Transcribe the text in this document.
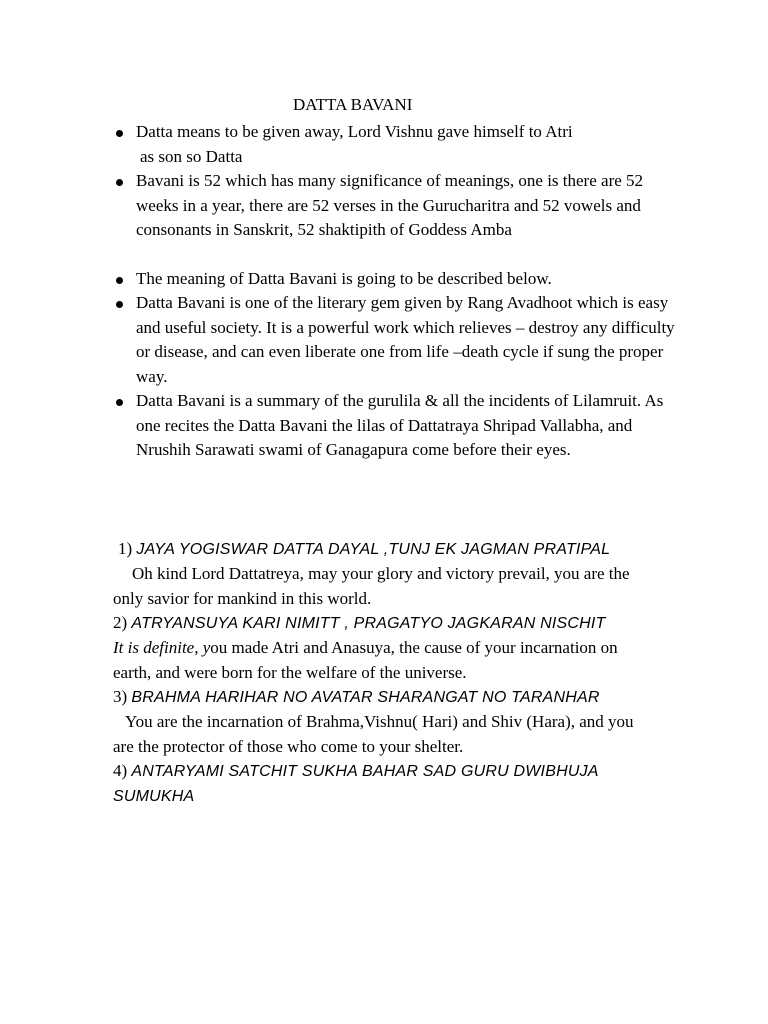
DATTA BAVANI
Datta means to be given away, Lord Vishnu gave himself to Atri
as son so Datta
Bavani is 52 which has many significance of meanings, one is there are 52 weeks in a year, there are 52 verses in the Gurucharitra and 52 vowels and consonants in Sanskrit, 52 shaktipith of Goddess Amba
The meaning of Datta Bavani is going to be described below.
Datta Bavani is one of the literary gem given by Rang Avadhoot which is easy and useful society. It is a powerful work which relieves – destroy any difficulty or disease, and can even liberate one from life –death cycle if sung the proper way.
Datta Bavani is a summary of the gurulila & all the incidents of Lilamruit. As one recites the Datta Bavani the lilas of Dattatraya Shripad Vallabha, and Nrushih Sarawati swami of Ganagapura come before their eyes.
1) JAYA YOGISWAR DATTA DAYAL ,TUNJ EK JAGMAN PRATIPAL
Oh kind Lord Dattatreya, may your glory and victory prevail, you are the only savior for mankind in this world.
2) ATRYANSUYA KARI NIMITT , PRAGATYO JAGKARAN NISCHIT
It is definite, you made Atri and Anasuya, the cause of your incarnation on earth, and were born for the welfare of the universe.
3) BRAHMA HARIHAR NO AVATAR SHARANGAT NO TARANHAR
You are the incarnation of Brahma,Vishnu( Hari) and Shiv (Hara), and you are the protector of those who come to your shelter.
4) ANTARYAMI SATCHIT SUKHA BAHAR SAD GURU DWIBHUJA SUMUKHA
